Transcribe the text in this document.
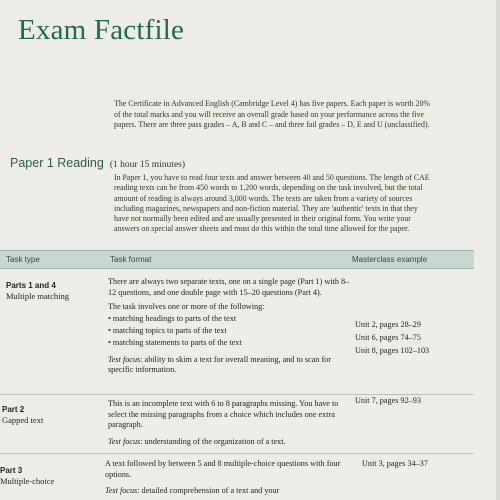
Exam Factfile
The Certificate in Advanced English (Cambridge Level 4) has five papers. Each paper is worth 20% of the total marks and you will receive an overall grade based on your performance across the five papers. There are three pass grades – A, B and C – and three fail grades – D, E and U (unclassified).
Paper 1 Reading (1 hour 15 minutes)
In Paper 1, you have to read four texts and answer between 40 and 50 questions. The length of CAE reading texts can be from 450 words to 1,200 words, depending on the task involved, but the total amount of reading is always around 3,000 words. The texts are taken from a variety of sources including magazines, newspapers and non-fiction material. They are 'authentic' texts in that they have not normally been edited and are usually presented in their original form. You write your answers on special answer sheets and must do this within the total time allowed for the paper.
Task type	Task format	Masterclass example
Parts 1 and 4
Multiple matching

There are always two separate texts, one on a single page (Part 1) with 8–12 questions, and one double page with 15–20 questions (Part 4).

The task involves one or more of the following:

• matching headings to parts of the text
• matching topics to parts of the text
• matching statements to parts of the text

Test focus: ability to skim a text for overall meaning, and to scan for specific information.

Unit 2, pages 28–29
Unit 6, pages 74–75
Unit 8, pages 102–103
Part 2
Gapped text

This is an incomplete text with 6 to 8 paragraphs missing. You have to select the missing paragraphs from a choice which includes one extra paragraph.

Test focus: understanding of the organization of a text.

Unit 7, pages 92–93
Part 3
Multiple-choice

A text followed by between 5 and 8 multiple-choice questions with four options.

Test focus: detailed comprehension of a text and your

Unit 3, pages 34–37
